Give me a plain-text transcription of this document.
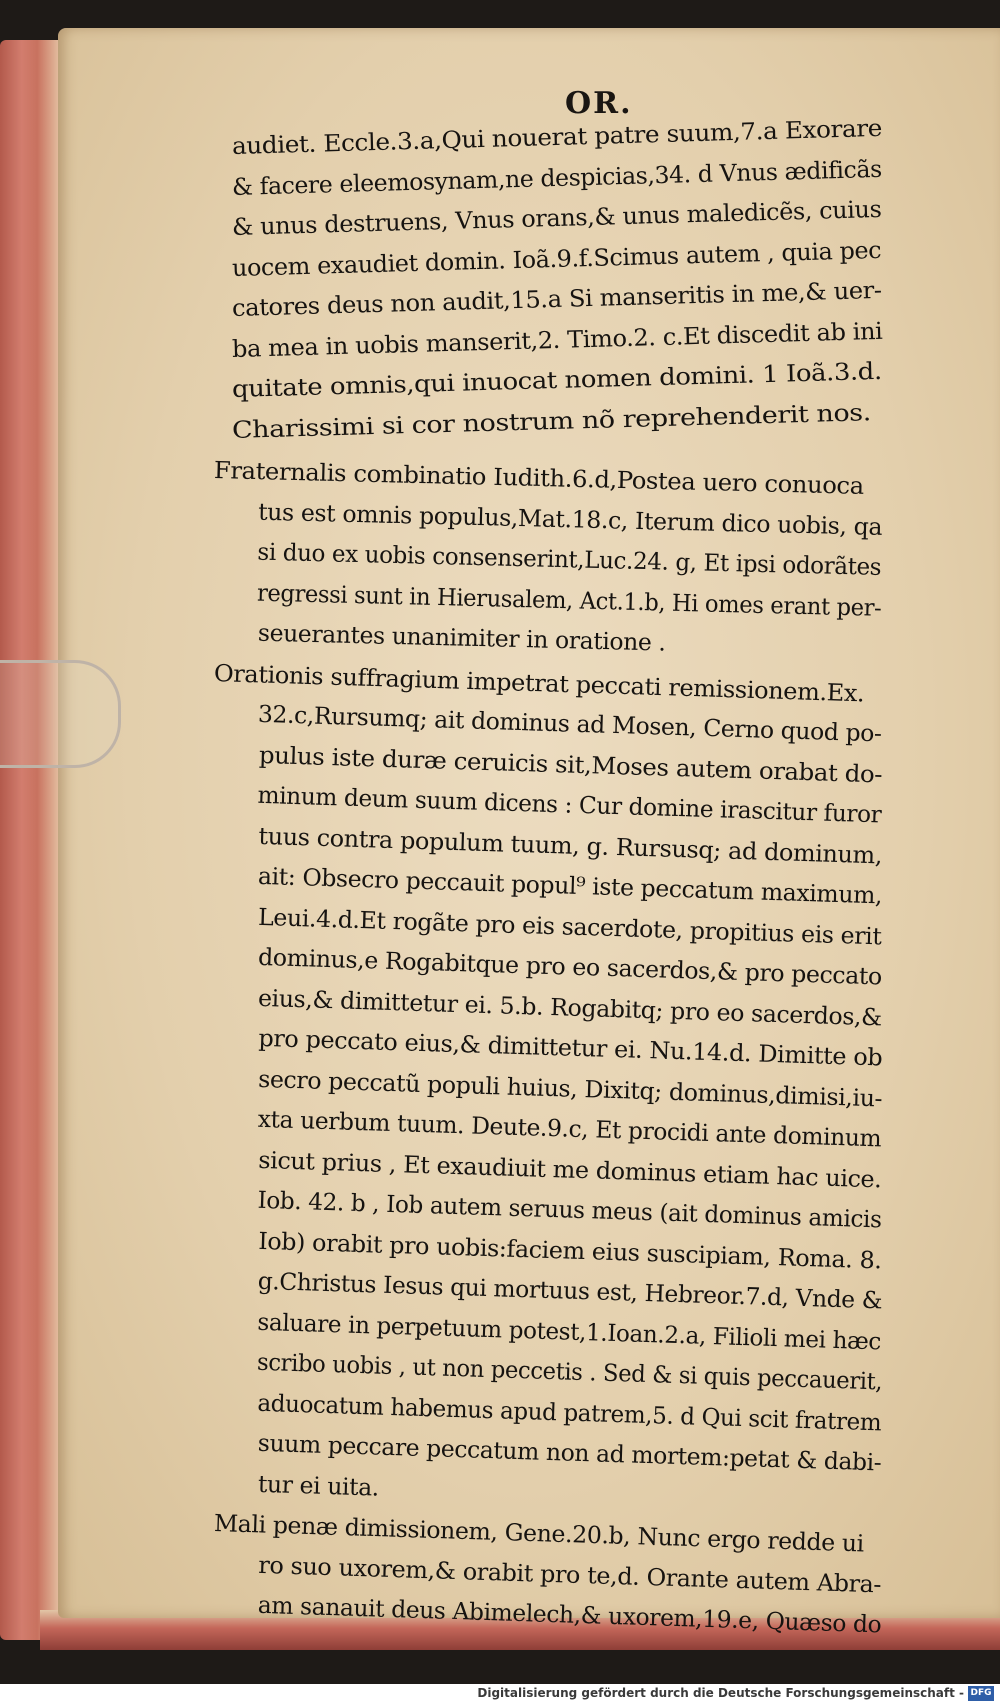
OR.
audiet. Eccle.3.a,Qui nouerat patre suum,7.a Exorare
& facere eleemosynam,ne despicias,34. d Vnus ædificãs
& unus destruens, Vnus orans,& unus maledicẽs, cuius
uocem exaudiet domin. Ioã.9.f.Scimus autem , quia pec
catores deus non audit,15.a Si manseritis in me,& uer-
ba mea in uobis manserit,2. Timo.2. c.Et discedit ab ini
quitate omnis,qui inuocat nomen domini. 1 Ioã.3.d.
Charissimi si cor nostrum nõ reprehenderit nos.
Fraternalis combinatio Iudith.6.d,Postea uero conuoca
tus est omnis populus,Mat.18.c, Iterum dico uobis, qa
si duo ex uobis consenserint,Luc.24. g, Et ipsi odorãtes
regressi sunt in Hierusalem, Act.1.b, Hi omes erant per-
seuerantes unanimiter in oratione .
Orationis suffragium impetrat peccati remissionem.Ex.
32.c,Rursumq; ait dominus ad Mosen, Cerno quod po-
pulus iste duræ ceruicis sit,Moses autem orabat do-
minum deum suum dicens : Cur domine irascitur furor
tuus contra populum tuum, g. Rursusq; ad dominum,
ait: Obsecro peccauit popul⁹ iste peccatum maximum,
Leui.4.d.Et rogãte pro eis sacerdote, propitius eis erit
dominus,e Rogabitque pro eo sacerdos,& pro peccato
eius,& dimittetur ei. 5.b. Rogabitq; pro eo sacerdos,&
pro peccato eius,& dimittetur ei. Nu.14.d. Dimitte ob
secro peccatũ populi huius, Dixitq; dominus,dimisi,iu-
xta uerbum tuum. Deute.9.c, Et procidi ante dominum
sicut prius , Et exaudiuit me dominus etiam hac uice.
Iob. 42. b , Iob autem seruus meus (ait dominus amicis
Iob) orabit pro uobis:faciem eius suscipiam, Roma. 8.
g.Christus Iesus qui mortuus est, Hebreor.7.d, Vnde &
saluare in perpetuum potest,1.Ioan.2.a, Filioli mei hæc
scribo uobis , ut non peccetis . Sed & si quis peccauerit,
aduocatum habemus apud patrem,5. d Qui scit fratrem
suum peccare peccatum non ad mortem:petat & dabi-
tur ei uita.
Mali penæ dimissionem, Gene.20.b, Nunc ergo redde ui
ro suo uxorem,& orabit pro te,d. Orante autem Abra-
am sanauit deus Abimelech,& uxorem,19.e, Quæso do
Digitalisierung gefördert durch die Deutsche Forschungsgemeinschaft - DFG
